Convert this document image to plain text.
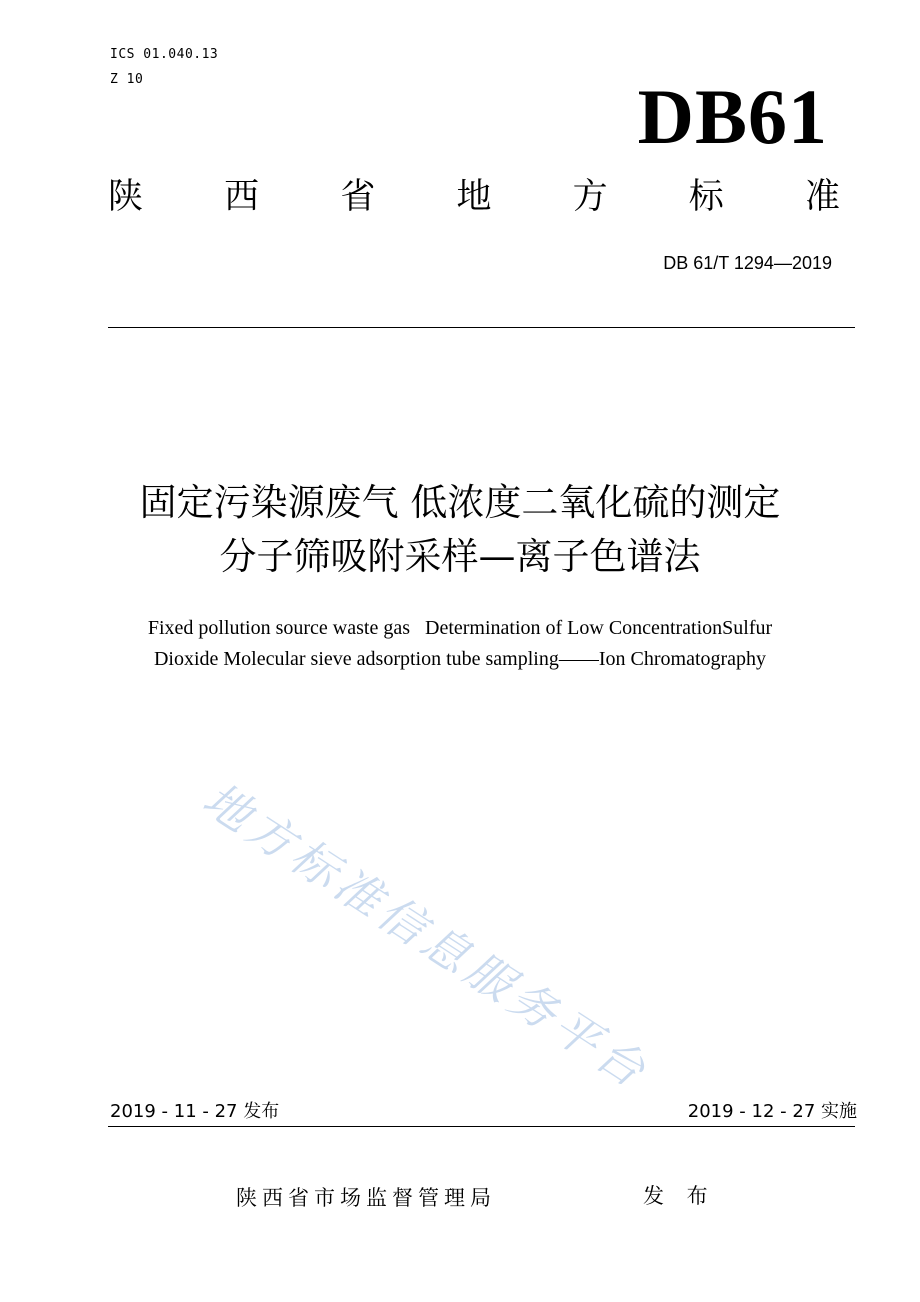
ICS 01.040.13
Z 10	DB61
陕 西 省 地 方 标 准
DB 61/T 1294—2019
固定污染源废气 低浓度二氧化硫的测定
分子筛吸附采样—离子色谱法
Fixed pollution source waste gas   Determination of Low ConcentrationSulfur
Dioxide Molecular sieve adsorption tube sampling——Ion Chromatography
地方标准信息服务平台
2019 - 11 - 27 发布	2019 - 12 - 27 实施
陕西省市场监督管理局	发 布
